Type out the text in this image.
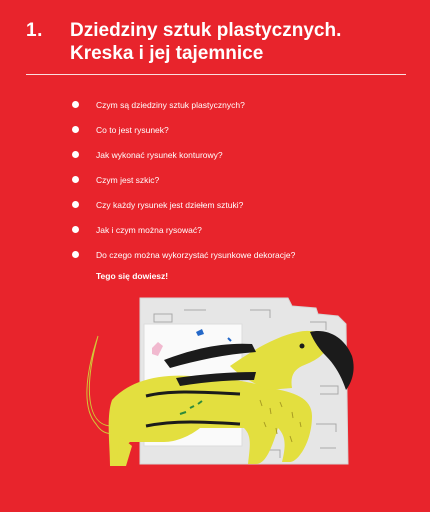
1. Dziedziny sztuk plastycznych.
Kreska i jej tajemnice
Czym są dziedziny sztuk plastycznych?
Co to jest rysunek?
Jak wykonać rysunek konturowy?
Czym jest szkic?
Czy każdy rysunek jest dziełem sztuki?
Jak i czym można rysować?
Do czego można wykorzystać rysunkowe dekoracje?
Tego się dowiesz!
